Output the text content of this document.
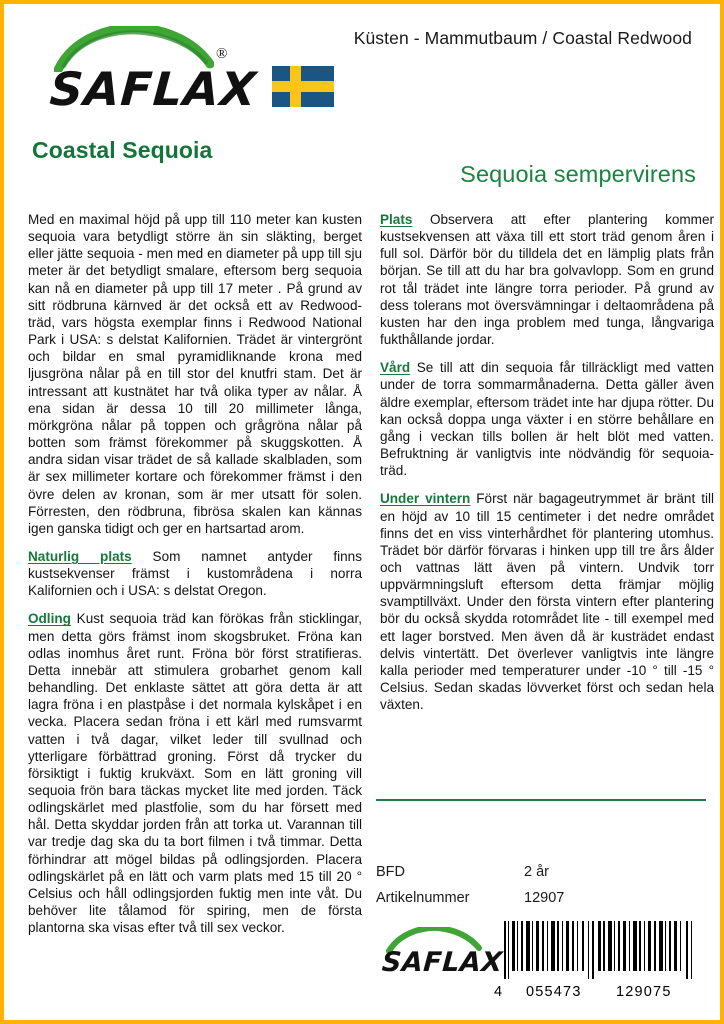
®
SAFLAX
Küsten - Mammutbaum / Coastal Redwood
Coastal Sequoia
Sequoia sempervirens

Med en maximal höjd på upp till 110 meter kan kusten sequoia vara betydligt större än sin släkting, berget eller jätte sequoia - men med en diameter på upp till sju meter är det betydligt smalare, eftersom berg sequoia kan nå en diameter på upp till 17 meter . På grund av sitt rödbruna kärnved är det också ett av Redwood-träd, vars högsta exemplar finns i Redwood National Park i USA: s delstat Kalifornien. Trädet är vintergrönt och bildar en smal pyramidliknande krona med ljusgröna nålar på en till stor del knutfri stam. Det är intressant att kustnätet har två olika typer av nålar. Å ena sidan är dessa 10 till 20 millimeter långa, mörkgröna nålar på toppen och grågröna nålar på botten som främst förekommer på skuggskotten. Å andra sidan visar trädet de så kallade skalbladen, som är sex millimeter kortare och förekommer främst i den övre delen av kronan, som är mer utsatt för solen. Förresten, den rödbruna, fibrösa skalen kan kännas igen ganska tidigt och ger en hartsartad arom.

Naturlig plats Som namnet antyder finns kustsekvenser främst i kustområdena i norra Kalifornien och i USA: s delstat Oregon.

Odling Kust sequoia träd kan förökas från sticklingar, men detta görs främst inom skogsbruket. Fröna kan odlas inomhus året runt. Fröna bör först stratifieras. Detta innebär att stimulera grobarhet genom kall behandling. Det enklaste sättet att göra detta är att lagra fröna i en plastpåse i det normala kylskåpet i en vecka. Placera sedan fröna i ett kärl med rumsvarmt vatten i två dagar, vilket leder till svullnad och ytterligare förbättrad groning. Först då trycker du försiktigt i fuktig krukväxt. Som en lätt groning vill sequoia frön bara täckas mycket lite med jorden. Täck odlingskärlet med plastfolie, som du har försett med hål. Detta skyddar jorden från att torka ut. Varannan till var tredje dag ska du ta bort filmen i två timmar. Detta förhindrar att mögel bildas på odlingsjorden. Placera odlingskärlet på en lätt och varm plats med 15 till 20 ° Celsius och håll odlingsjorden fuktig men inte våt. Du behöver lite tålamod för spiring, men de första plantorna ska visas efter två till sex veckor.

Plats Observera att efter plantering kommer kustsekvensen att växa till ett stort träd genom åren i full sol. Därför bör du tilldela det en lämplig plats från början. Se till att du har bra golvavlopp. Som en grund rot tål trädet inte längre torra perioder. På grund av dess tolerans mot översvämningar i deltaområdena på kusten har den inga problem med tunga, långvariga fukthållande jordar.

Vård Se till att din sequoia får tillräckligt med vatten under de torra sommarmånaderna. Detta gäller även äldre exemplar, eftersom trädet inte har djupa rötter. Du kan också doppa unga växter i en större behållare en gång i veckan tills bollen är helt blöt med vatten. Befruktning är vanligtvis inte nödvändig för sequoia-träd.

Under vintern Först när bagageutrymmet är bränt till en höjd av 10 till 15 centimeter i det nedre området finns det en viss vinterhårdhet för plantering utomhus. Trädet bör därför förvaras i hinken upp till tre års ålder och vattnas lätt även på vintern. Undvik torr uppvärmningsluft eftersom detta främjar möjlig svamptillväxt. Under den första vintern efter plantering bör du också skydda rotområdet lite - till exempel med ett lager borstved. Men även då är kusträdet endast delvis vintertätt. Det överlever vanligtvis inte längre kalla perioder med temperaturer under -10 ° till -15 ° Celsius. Sedan skadas lövverket först och sedan hela växten.

BFD	2 år
Artikelnummer	12907
SAFLAX
4 055473 129075
